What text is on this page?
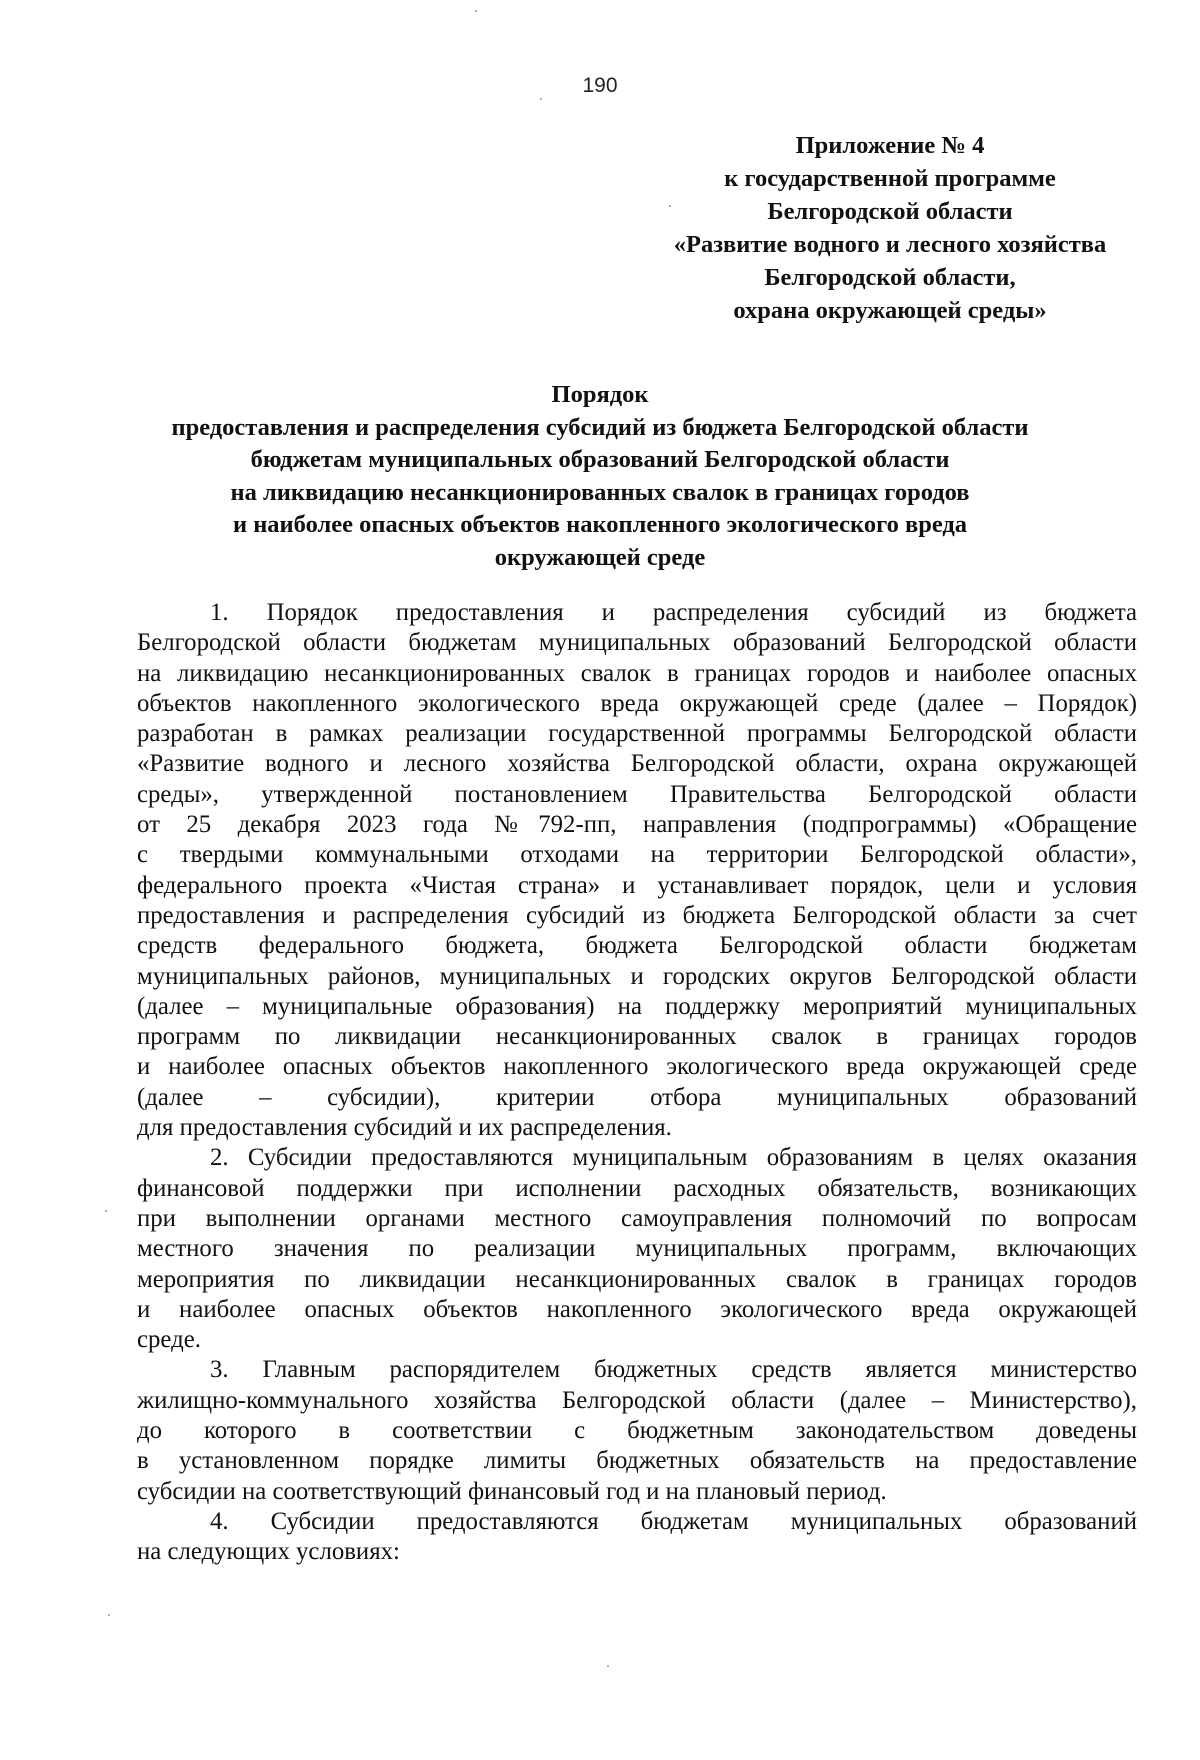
190
Приложение № 4
к государственной программе
Белгородской области
«Развитие водного и лесного хозяйства
Белгородской области,
охрана окружающей среды»
Порядок
предоставления и распределения субсидий из бюджета Белгородской области
бюджетам муниципальных образований Белгородской области
на ликвидацию несанкционированных свалок в границах городов
и наиболее опасных объектов накопленного экологического вреда
окружающей среде
1. Порядок предоставления и распределения субсидий из бюджета
Белгородской области бюджетам муниципальных образований Белгородской области
на ликвидацию несанкционированных свалок в границах городов и наиболее опасных
объектов накопленного экологического вреда окружающей среде (далее – Порядок)
разработан в рамках реализации государственной программы Белгородской области
«Развитие водного и лесного хозяйства Белгородской области, охрана окружающей
среды», утвержденной постановлением Правительства Белгородской области
от 25 декабря 2023 года №792-пп, направления (подпрограммы) «Обращение
с твердыми коммунальными отходами на территории Белгородской области»,
федерального проекта «Чистая страна» и устанавливает порядок, цели и условия
предоставления и распределения субсидий из бюджета Белгородской области за счет
средств федерального бюджета, бюджета Белгородской области бюджетам
муниципальных районов, муниципальных и городских округов Белгородской области
(далее – муниципальные образования) на поддержку мероприятий муниципальных
программ по ликвидации несанкционированных свалок в границах городов
и наиболее опасных объектов накопленного экологического вреда окружающей среде
(далее – субсидии), критерии отбора муниципальных образований
для предоставления субсидий и их распределения.
2. Субсидии предоставляются муниципальным образованиям в целях оказания
финансовой поддержки при исполнении расходных обязательств, возникающих
при выполнении органами местного самоуправления полномочий по вопросам
местного значения по реализации муниципальных программ, включающих
мероприятия по ликвидации несанкционированных свалок в границах городов
и наиболее опасных объектов накопленного экологического вреда окружающей
среде.
3. Главным распорядителем бюджетных средств является министерство
жилищно-коммунального хозяйства Белгородской области (далее – Министерство),
до которого в соответствии с бюджетным законодательством доведены
в установленном порядке лимиты бюджетных обязательств на предоставление
субсидии на соответствующий финансовый год и на плановый период.
4. Субсидии предоставляются бюджетам муниципальных образований
на следующих условиях:
